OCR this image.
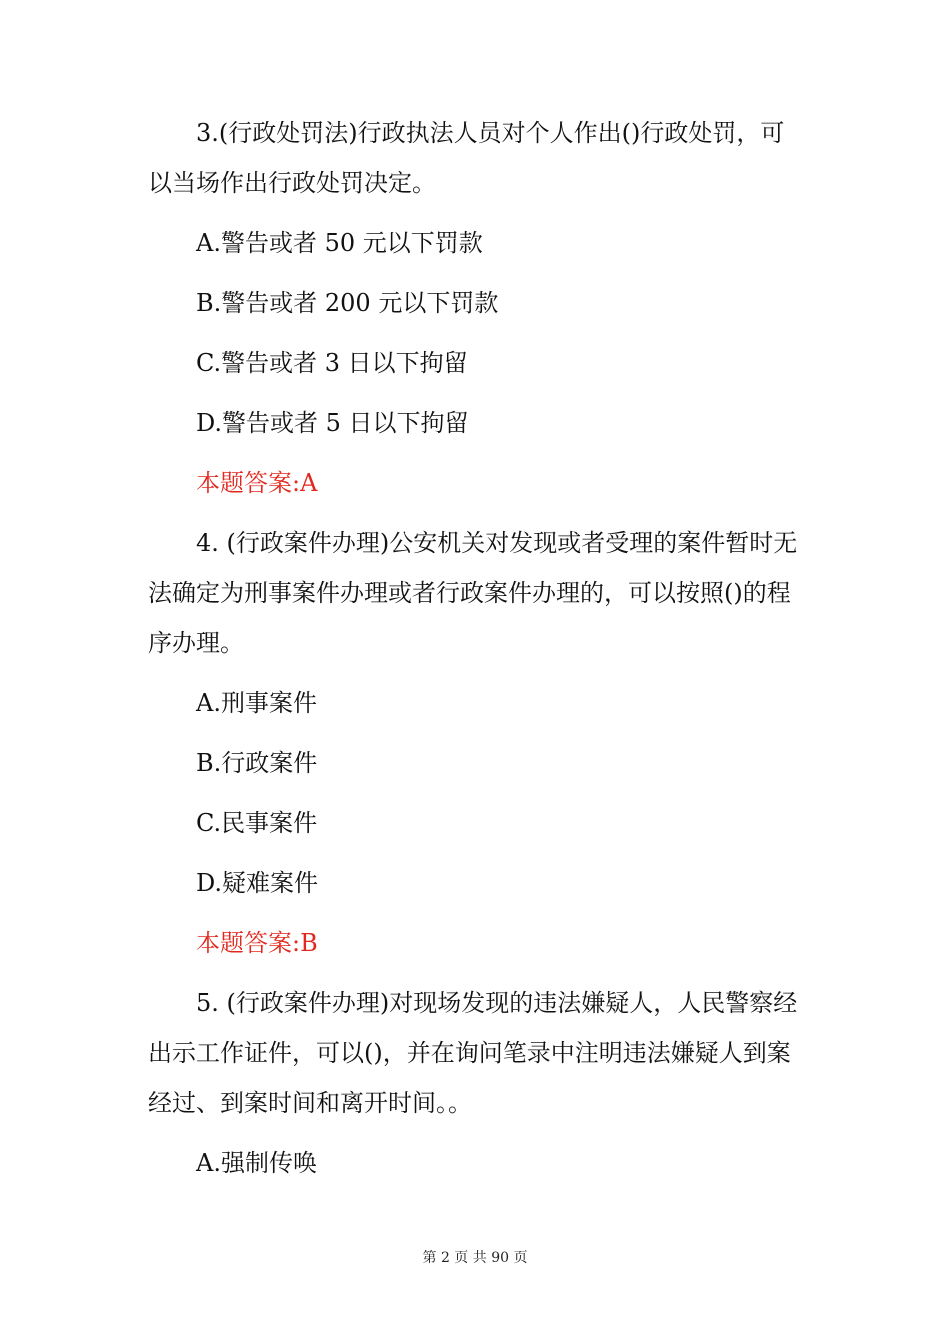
3.(行政处罚法)行政执法人员对个人作出()行政处罚，可以当场作出行政处罚决定。

A.警告或者 50 元以下罚款

B.警告或者 200 元以下罚款

C.警告或者 3 日以下拘留

D.警告或者 5 日以下拘留

本题答案:A

4. (行政案件办理)公安机关对发现或者受理的案件暂时无法确定为刑事案件办理或者行政案件办理的，可以按照()的程序办理。

A.刑事案件

B.行政案件

C.民事案件

D.疑难案件

本题答案:B

5. (行政案件办理)对现场发现的违法嫌疑人，人民警察经出示工作证件，可以()，并在询问笔录中注明违法嫌疑人到案经过、到案时间和离开时间。。

A.强制传唤

第 2 页 共 90 页
